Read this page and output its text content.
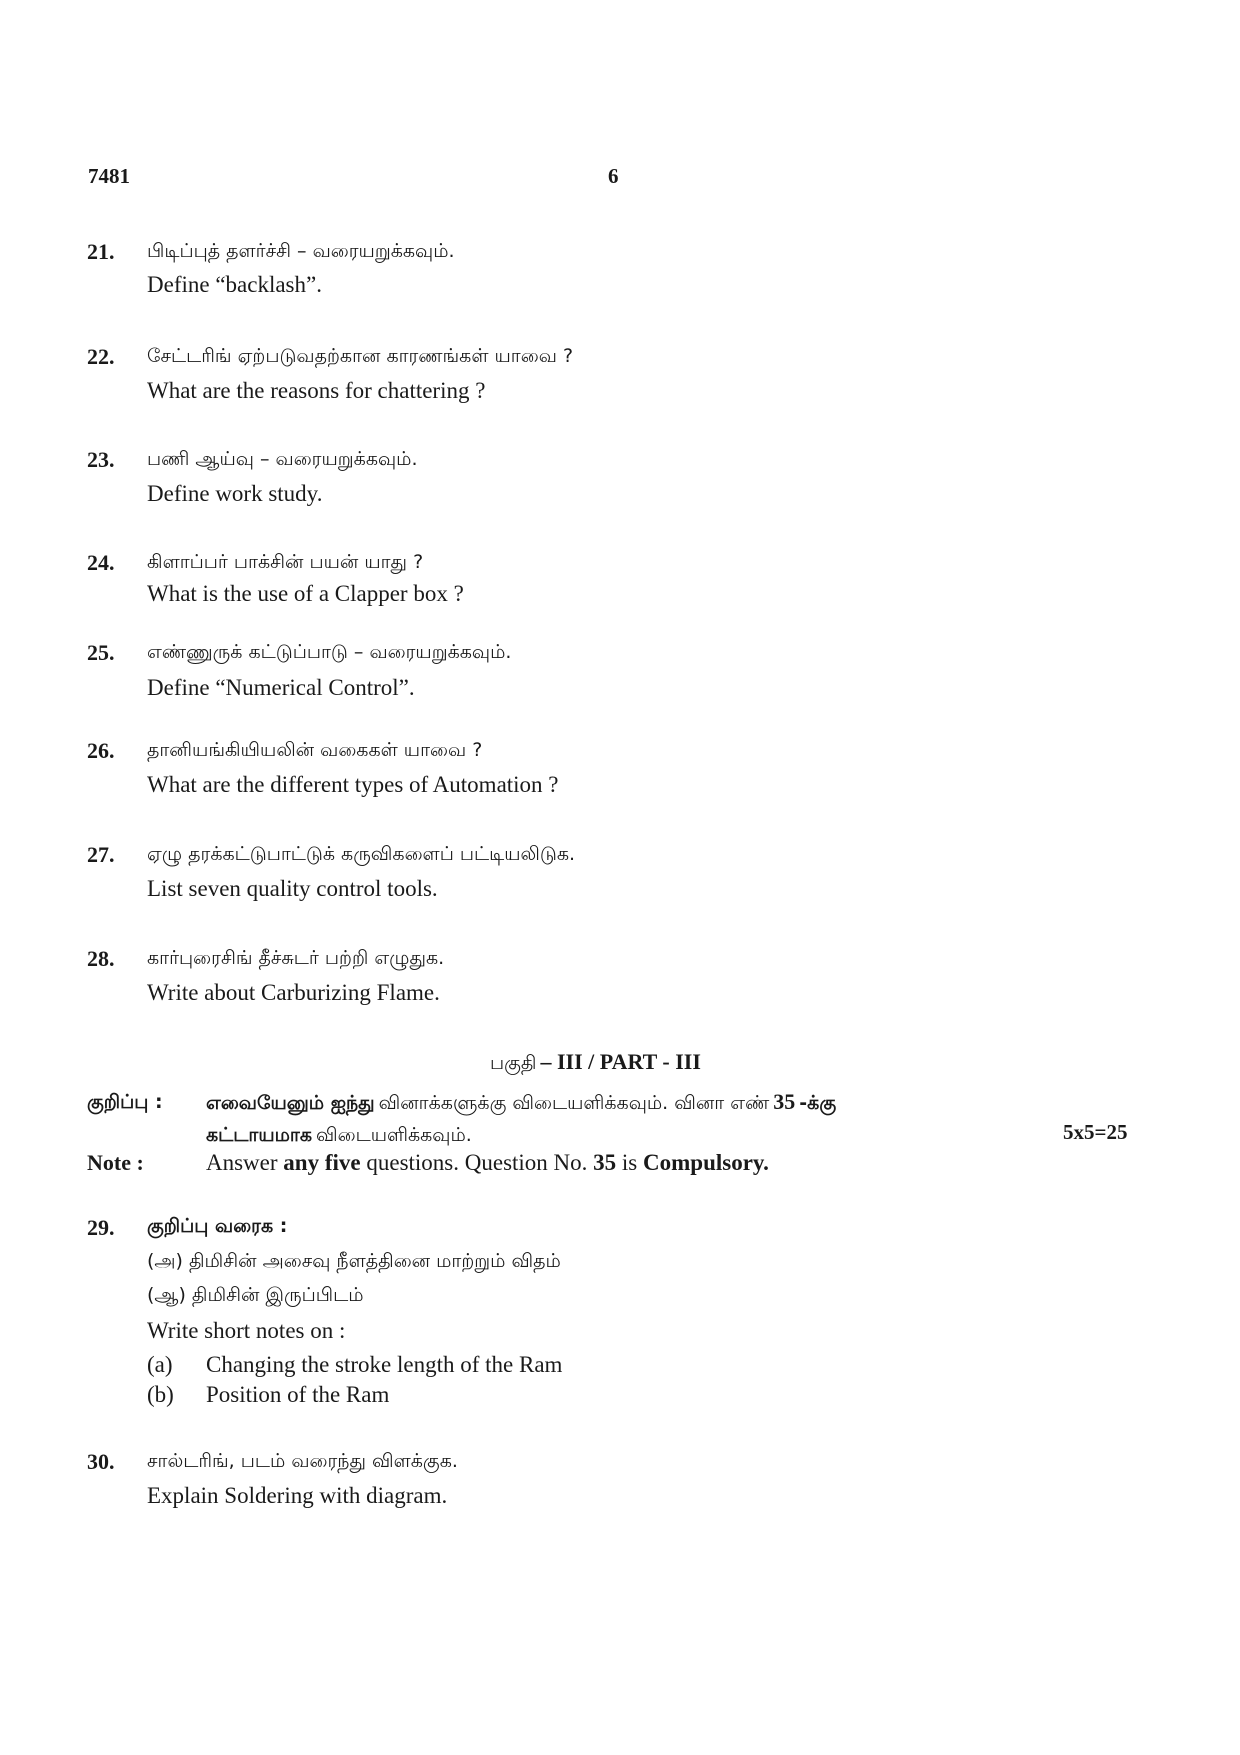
7481	6
21. பிடிப்புத் தளர்ச்சி – வரையறுக்கவும்.
Define “backlash”.
22. சேட்டரிங் ஏற்படுவதற்கான காரணங்கள் யாவை ?
What are the reasons for chattering ?
23. பணி ஆய்வு – வரையறுக்கவும்.
Define work study.
24. கிளாப்பர் பாக்சின் பயன் யாது ?
What is the use of a Clapper box ?
25. எண்ணுருக் கட்டுப்பாடு – வரையறுக்கவும்.
Define “Numerical Control”.
26. தானியங்கியியலின் வகைகள் யாவை ?
What are the different types of Automation ?
27. ஏழு தரக்கட்டுபாட்டுக் கருவிகளைப் பட்டியலிடுக.
List seven quality control tools.
28. கார்புரைசிங் தீச்சுடர் பற்றி எழுதுக.
Write about Carburizing Flame.
பகுதி – III / PART - III
குறிப்பு : எவையேனும் ஐந்து வினாக்களுக்கு விடையளிக்கவும். வினா எண் 35 -க்கு
கட்டாயமாக விடையளிக்கவும்.	5x5=25
Note :	Answer any five questions. Question No. 35 is Compulsory.
29. குறிப்பு வரைக :
(அ) திமிசின் அசைவு நீளத்தினை மாற்றும் விதம்
(ஆ) திமிசின் இருப்பிடம்
Write short notes on :
(a) Changing the stroke length of the Ram
(b) Position of the Ram
30. சால்டரிங், படம் வரைந்து விளக்குக.
Explain Soldering with diagram.
